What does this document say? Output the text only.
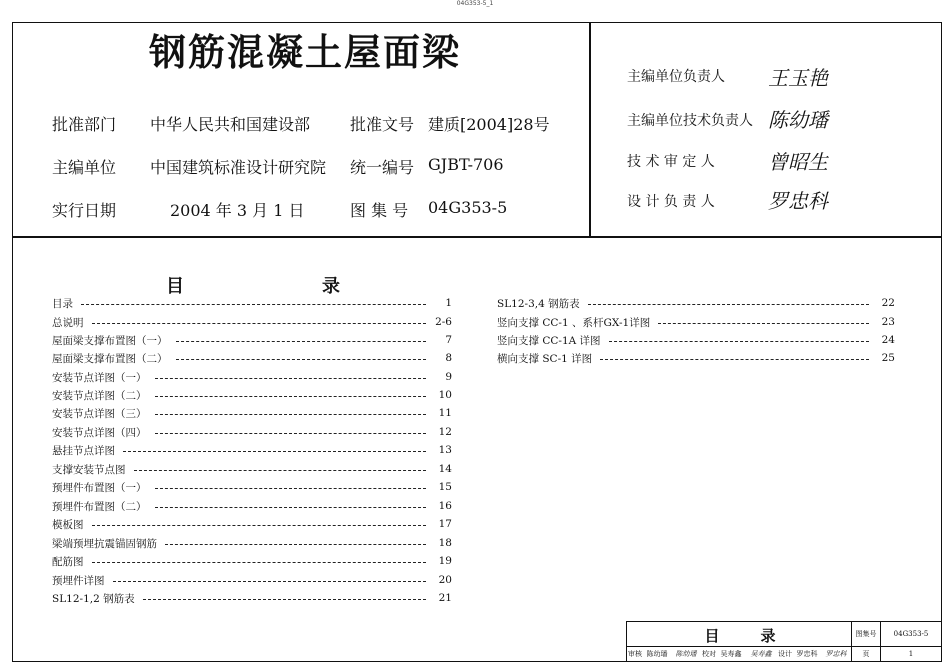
04G353-5_1
钢筋混凝土屋面梁
批准部门 中华人民共和国建设部 批准文号 建质[2004]28号
主编单位 中国建筑标准设计研究院 统一编号 GJBT-706
实行日期	2004 年 3 月 1 日	图 集 号 04G353-5
主编单位负责人 王玉艳
主编单位技术负责人 陈幼璠
技 术 审 定 人	曾昭生
设 计 负 责 人	罗忠科
目	录
目录	1
总说明	2-6
屋面梁支撑布置图（一）	7
屋面梁支撑布置图（二）	8
安装节点详图（一）	9
安装节点详图（二）	10
安装节点详图（三）	11
安装节点详图（四）	12
悬挂节点详图	13
支撑安装节点图	14
预埋件布置图（一）	15
预埋件布置图（二）	16
模板图	17
梁端预埋抗震锚固钢筋	18
配筋图	19
预埋件详图	20
SL12-1,2 钢筋表	21
SL12-3,4 钢筋表	22
竖向支撑 CC-1 、系杆GX-1详图	23
竖向支撑 CC-1A 详图	24
横向支撑 SC-1 详图	25
目	录	图集号	04G353-5
审核 陈幼璠	陈幼璠 校对 吴寿鑫	吴寿鑫 设计 罗忠科	罗忠科	页	1
